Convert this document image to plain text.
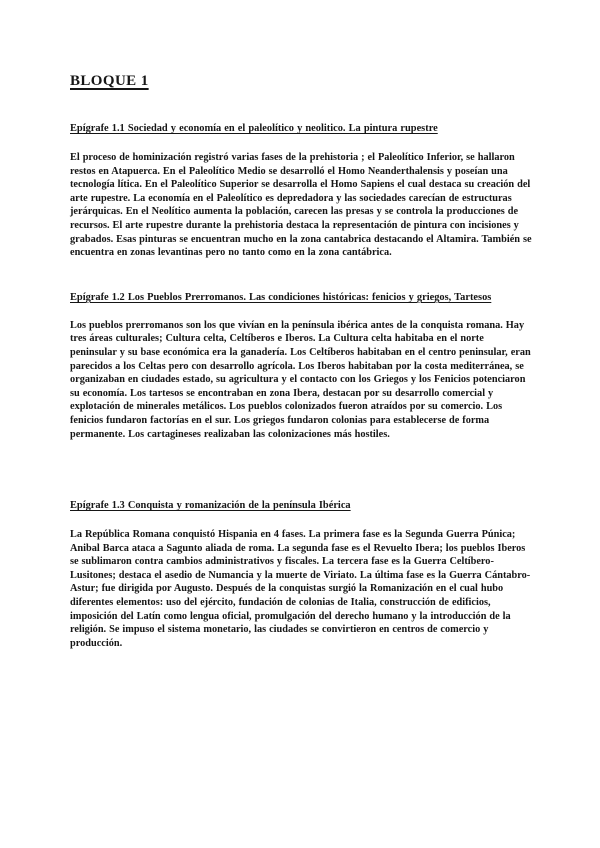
BLOQUE 1
Epígrafe 1.1 Sociedad y economía en el paleolítico y neolitico. La pintura rupestre

El proceso de hominización registró varias fases de la prehistoria ; el Paleolítico Inferior, se hallaron restos en Atapuerca. En el Paleolítico Medio se desarrolló el Homo Neanderthalensis y poseían una tecnología lítica. En el Paleolítico Superior se desarrolla el Homo Sapiens el cual destaca su creación del arte rupestre. La economía en el Paleolítico es depredadora y las sociedades carecían de estructuras jerárquicas. En el Neolítico aumenta la población, carecen las presas y se controla la producciones de recursos. El arte rupestre durante la prehistoria destaca la representación de pintura con incisiones y grabados. Esas pinturas se encuentran mucho en la zona cantabrica destacando el Altamira. También se encuentra en zonas levantinas pero no tanto como en la zona cantábrica.

Epígrafe 1.2 Los Pueblos Prerromanos. Las condiciones históricas: fenicios y griegos, Tartesos

Los pueblos prerromanos son los que vivían en la península ibérica antes de la conquista romana. Hay tres áreas culturales; Cultura celta, Celtíberos e Iberos. La Cultura celta habitaba en el norte peninsular y su base económica era la ganadería. Los Celtíberos habitaban en el centro peninsular, eran parecidos a los Celtas pero con desarrollo agrícola. Los Iberos habitaban por la costa mediterránea, se organizaban en ciudades estado, su agricultura y el contacto con los Griegos y los Fenicios potenciaron su economía. Los tartesos se encontraban en zona Ibera, destacan por su desarrollo comercial y explotación de minerales metálicos. Los pueblos colonizados fueron atraídos por su comercio. Los fenicios fundaron factorías en el sur. Los griegos fundaron colonias para establecerse de forma permanente. Los cartagineses realizaban las colonizaciones más hostiles.

Epígrafe 1.3 Conquista y romanización de la península Ibérica

La República Romana conquistó Hispania en 4 fases. La primera fase es la Segunda Guerra Púnica; Anibal Barca ataca a Sagunto aliada de roma. La segunda fase es el Revuelto Ibera; los pueblos Iberos se sublimaron contra cambios administrativos y fiscales. La tercera fase es la Guerra Celtíbero-Lusitones; destaca el asedio de Numancia y la muerte de Viriato. La última fase es la Guerra Cántabro-Astur; fue dirigida por Augusto. Después de la conquistas surgió la Romanización en el cual hubo diferentes elementos: uso del ejército, fundación de colonias de Italia, construcción de edificios, imposición del Latín como lengua oficial, promulgación del derecho humano y la introducción de la religión. Se impuso el sistema monetario, las ciudades se convirtieron en centros de comercio y producción.
